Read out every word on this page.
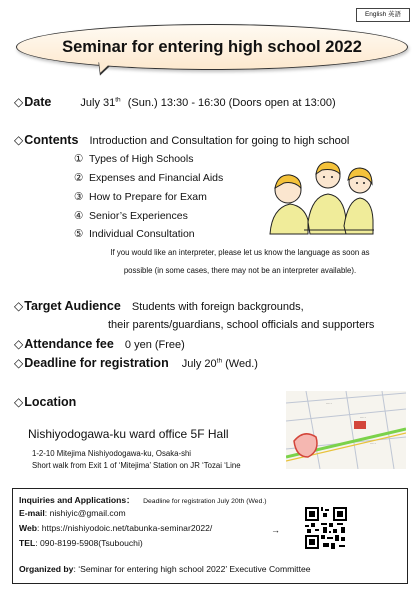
English 英語
Seminar for entering high school 2022
◇Date	July 31th (Sun.) 13:30 - 16:30 (Doors open at 13:00)
◇Contents Introduction and Consultation for going to high school
① Types of High Schools
② Expenses and Financial Aids
③ How to Prepare for Exam
④ Senior’s Experiences
⑤ Individual Consultation
If you would like an interpreter, please let us know the language as soon as
possible (in some cases, there may not be an interpreter available).
◇Target Audience Students with foreign backgrounds,
their parents/guardians, school officials and supporters
◇Attendance fee 0 yen (Free)
◇Deadline for registration July 20th (Wed.)
◇Location
Nishiyodogawa-ku ward office 5F Hall
1-2-10 Mitejima Nishiyodogawa-ku, Osaka-shi
Short walk from Exit 1 of ‘Mitejima’ Station on JR ‘Tozai ‘Line
·····
·····
·····
Inquiries and Applications： Deadline for registration July 20th (Wed.)
E-mail: nishiyic@gmail.com
Web: https://nishiyodoic.net/tabunka-seminar2022/	→
TEL: 090-8199-5908(Tsubouchi)
Organized by: ‘Seminar for entering high school 2022’ Executive Committee
